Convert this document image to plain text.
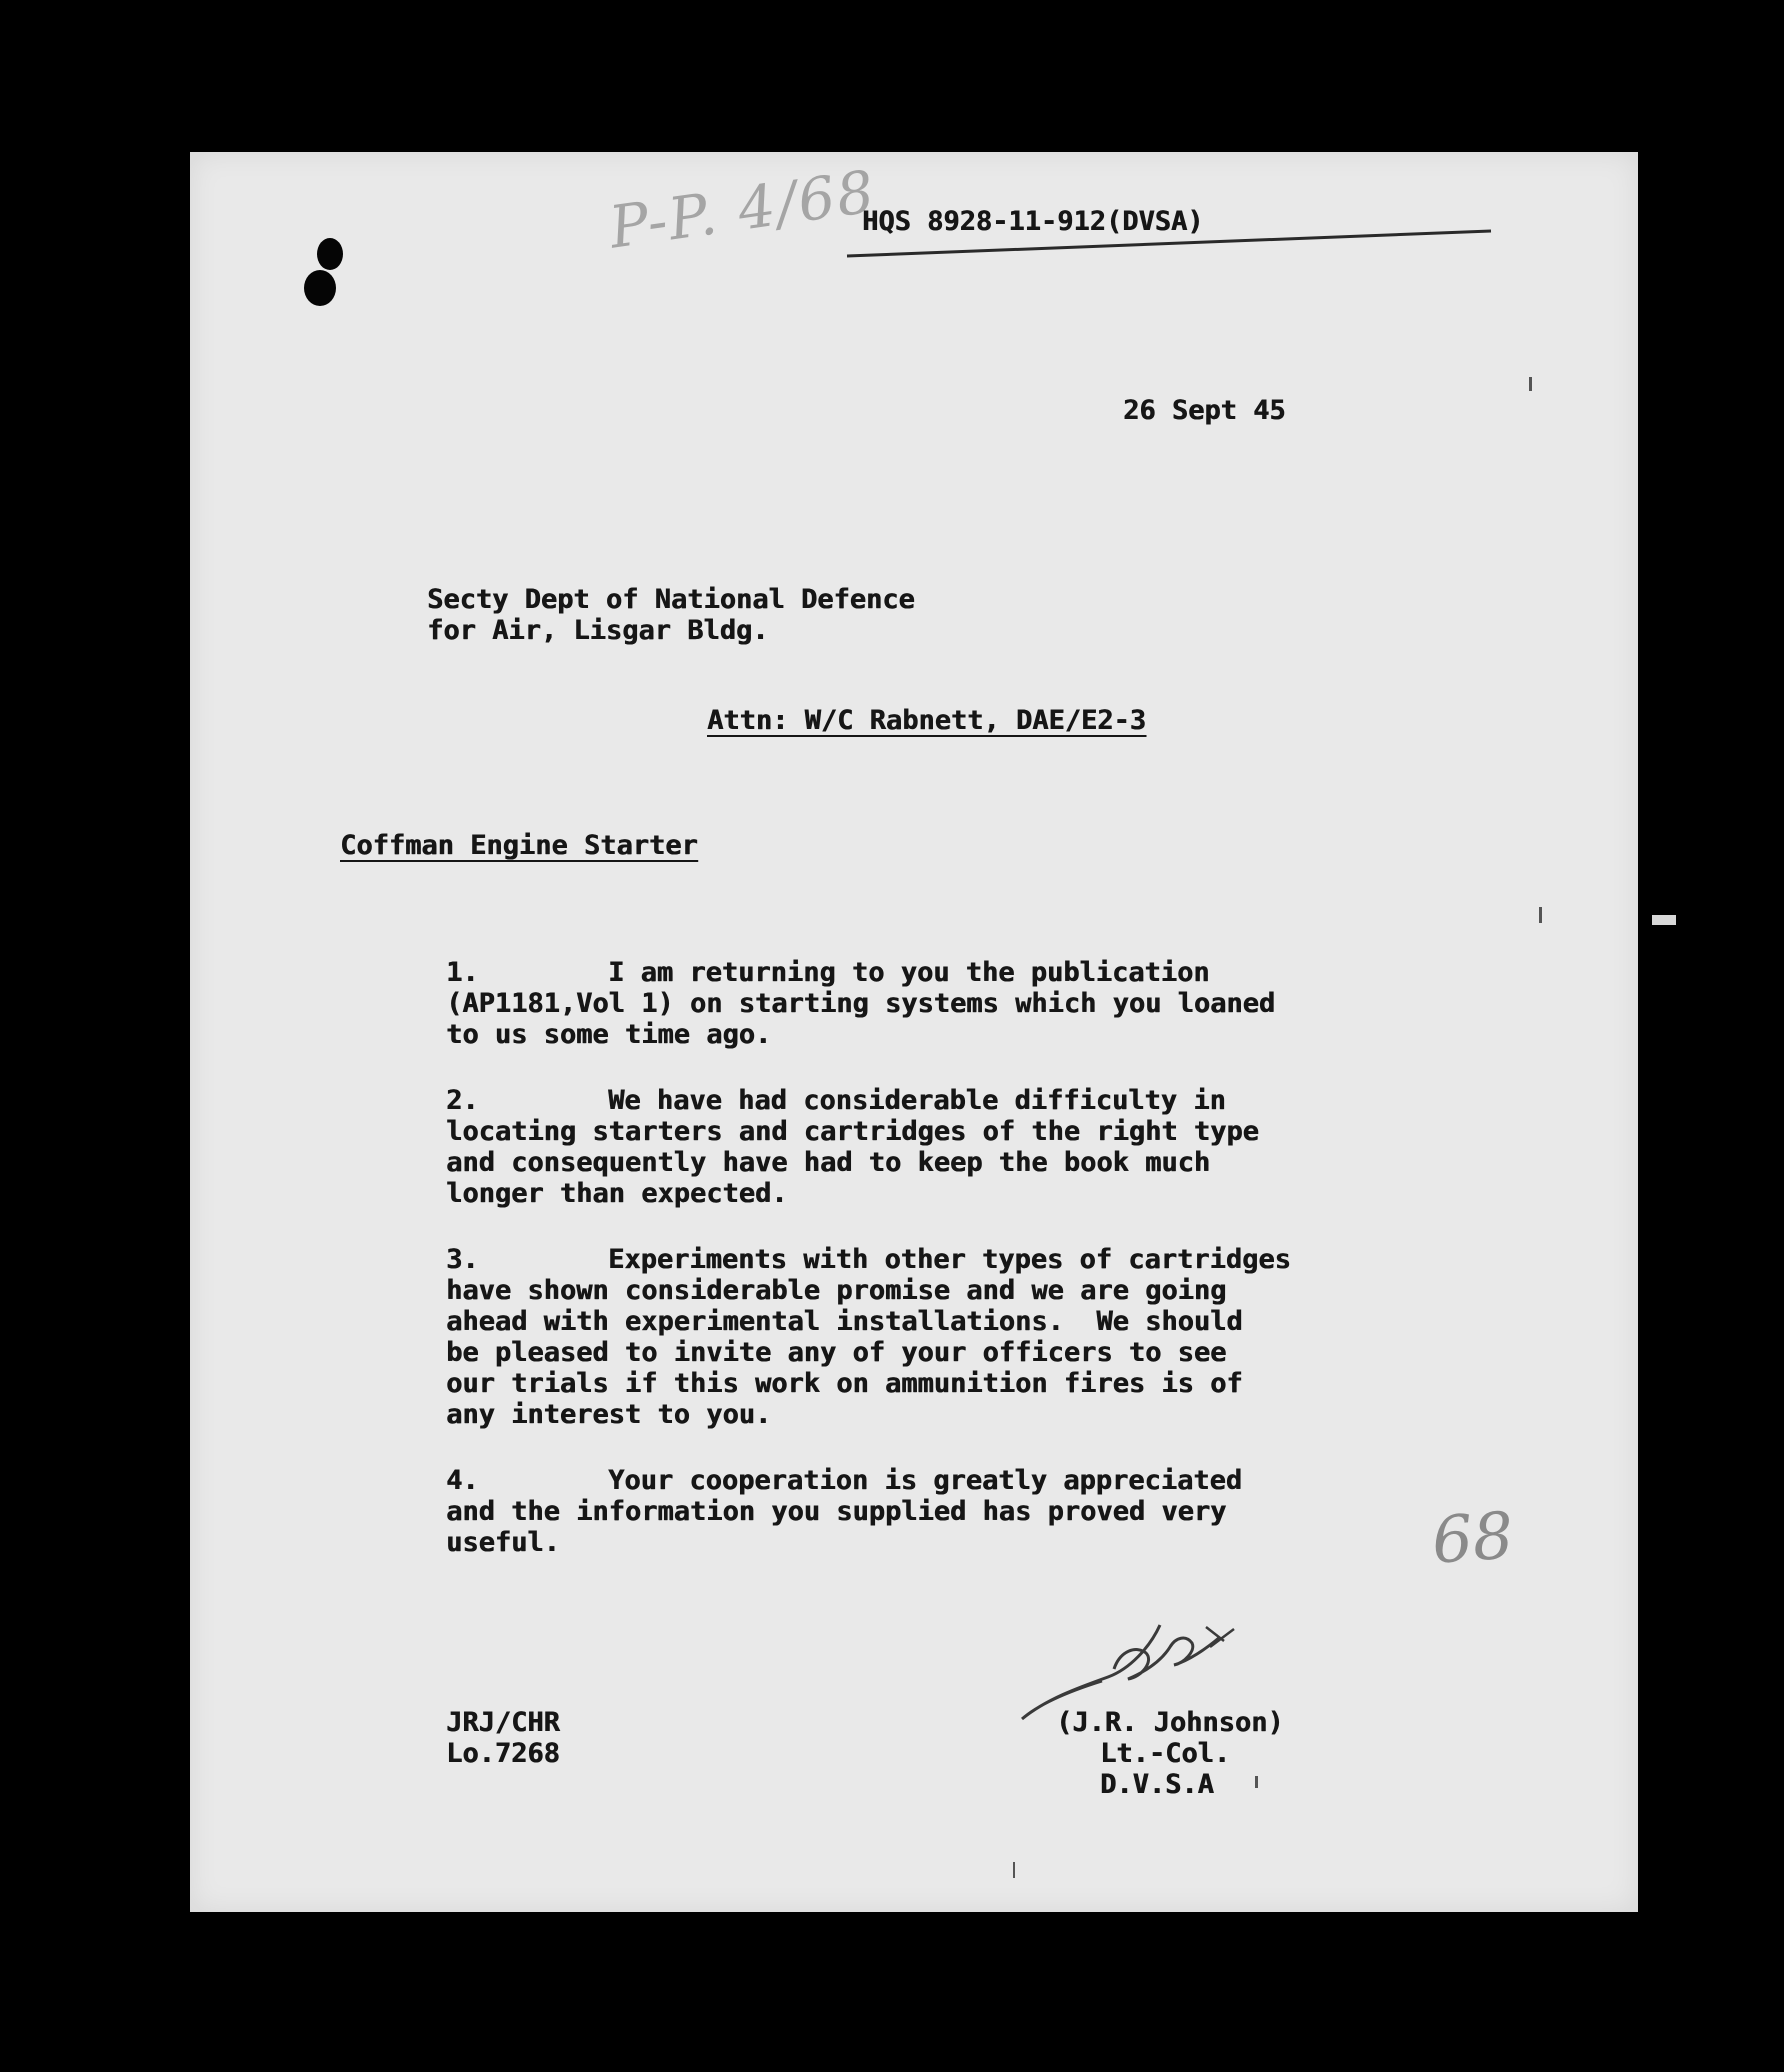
P-P. 4/68
HQS 8928-11-912(DVSA)
26 Sept 45
Secty Dept of National Defence
for Air, Lisgar Bldg.
Attn: W/C Rabnett, DAE/E2-3
Coffman Engine Starter
1.	I am returning to you the publication
(AP1181,Vol 1) on starting systems which you loaned
to us some time ago.
2.	We have had considerable difficulty in
locating starters and cartridges of the right type
and consequently have had to keep the book much
longer than expected.
3.	Experiments with other types of cartridges
have shown considerable promise and we are going
ahead with experimental installations.  We should
be pleased to invite any of your officers to see
our trials if this work on ammunition fires is of
any interest to you.
4.	Your cooperation is greatly appreciated
and the information you supplied has proved very
useful.	68
JRJ/CHR
Lo.7268
(J.R. Johnson)
Lt.-Col.
D.V.S.A
